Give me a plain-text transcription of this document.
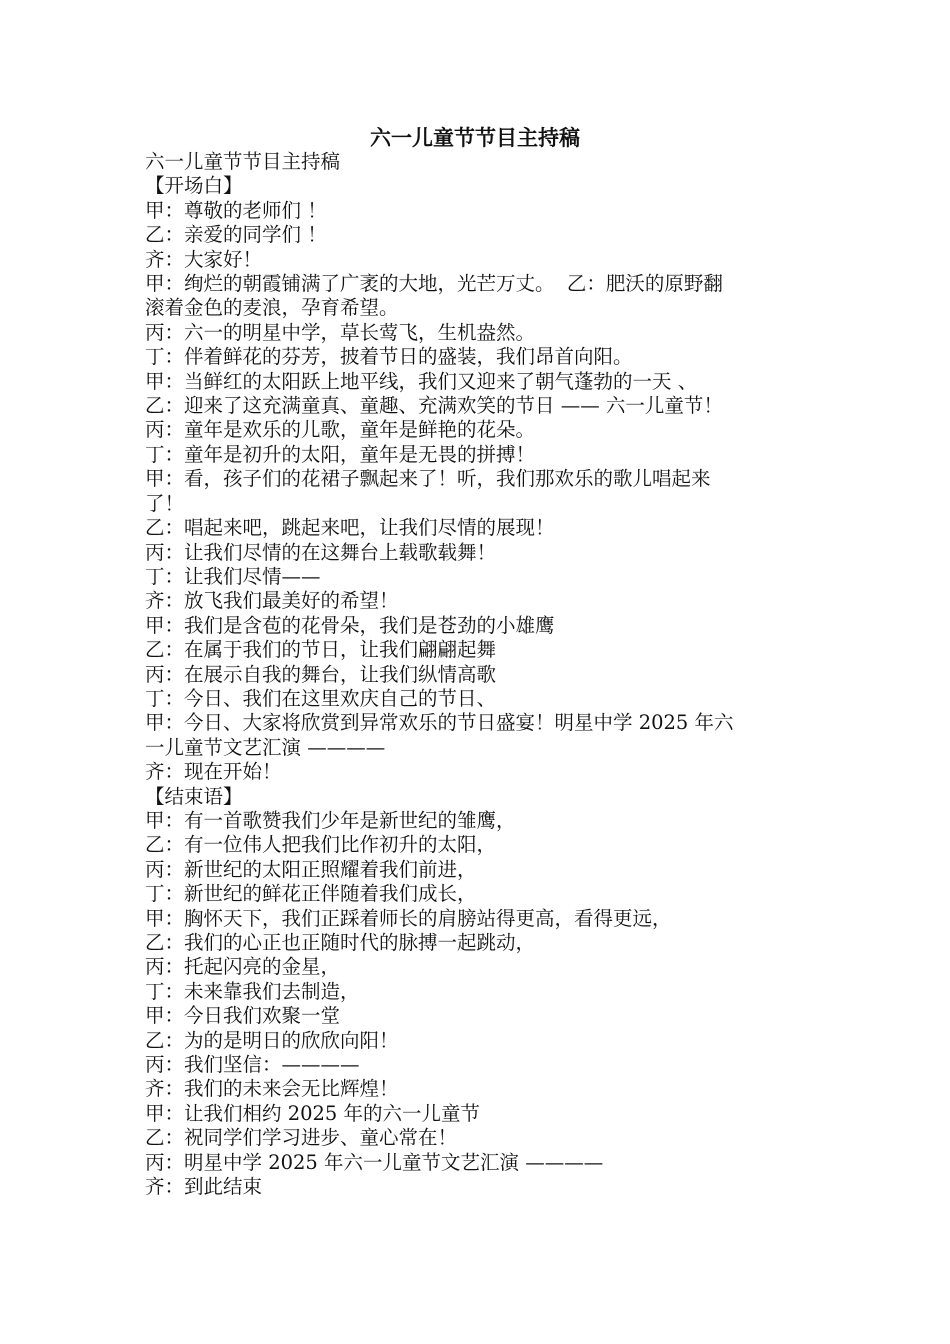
六一儿童节节目主持稿

六一儿童节节目主持稿

【开场白】

甲：尊敬的老师们 ！

乙：亲爱的同学们 ！

齐：大家好！

甲：绚烂的朝霞铺满了广袤的大地，光芒万丈。  乙：肥沃的原野翻

滚着金色的麦浪，孕育希望。

丙：六一的明星中学，草长莺飞，生机盎然。

丁：伴着鲜花的芬芳，披着节日的盛装，我们昂首向阳。

甲：当鲜红的太阳跃上地平线，我们又迎来了朝气蓬勃的一天 、

乙：迎来了这充满童真、童趣、充满欢笑的节日 —— 六一儿童节！

丙：童年是欢乐的儿歌，童年是鲜艳的花朵。

丁：童年是初升的太阳，童年是无畏的拼搏！

甲：看，孩子们的花裙子飘起来了！听，我们那欢乐的歌儿唱起来

了！

乙：唱起来吧，跳起来吧，让我们尽情的展现！

丙：让我们尽情的在这舞台上载歌载舞！

丁：让我们尽情——

齐：放飞我们最美好的希望！

甲：我们是含苞的花骨朵，我们是苍劲的小雄鹰

乙：在属于我们的节日，让我们翩翩起舞

丙：在展示自我的舞台，让我们纵情高歌

丁：今日、我们在这里欢庆自己的节日、

甲：今日、大家将欣赏到异常欢乐的节日盛宴！明星中学 2025 年六

一儿童节文艺汇演 ————

齐：现在开始！

【结束语】

甲：有一首歌赞我们少年是新世纪的雏鹰，

乙：有一位伟人把我们比作初升的太阳，

丙：新世纪的太阳正照耀着我们前进，

丁：新世纪的鲜花正伴随着我们成长，

甲：胸怀天下，我们正踩着师长的肩膀站得更高，看得更远，

乙：我们的心正也正随时代的脉搏一起跳动，

丙：托起闪亮的金星，

丁：未来靠我们去制造，

甲：今日我们欢聚一堂

乙：为的是明日的欣欣向阳！

丙：我们坚信：————

齐：我们的未来会无比辉煌！

甲：让我们相约 2025 年的六一儿童节

乙：祝同学们学习进步、童心常在！

丙：明星中学 2025 年六一儿童节文艺汇演 ————

齐：到此结束
